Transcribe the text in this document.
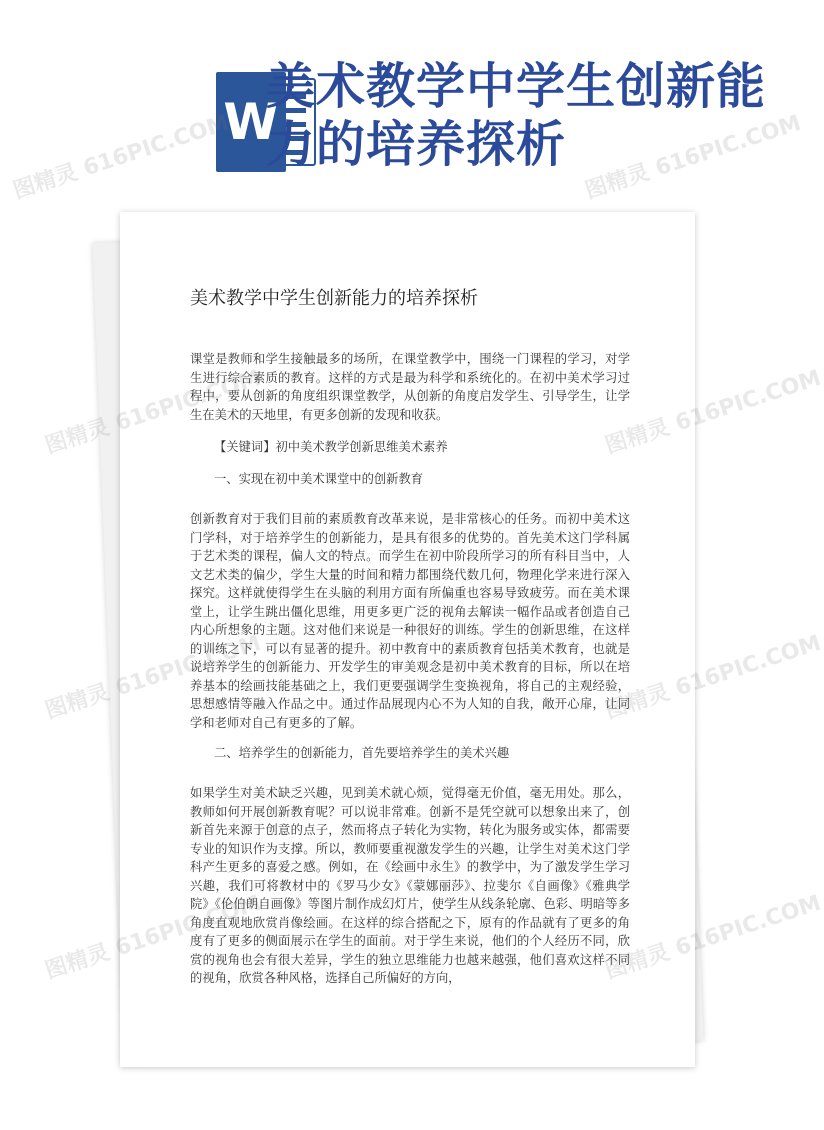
W
美术教学中学生创新能力的培养探析
美术教学中学生创新能力的培养探析

课堂是教师和学生接触最多的场所，在课堂教学中，围绕一门课程的学习，对学生进行综合素质的教育。这样的方式是最为科学和系统化的。在初中美术学习过程中，要从创新的角度组织课堂教学，从创新的角度启发学生、引导学生，让学生在美术的天地里，有更多创新的发现和收获。

【关键词】初中美术教学创新思维美术素养

一、实现在初中美术课堂中的创新教育

创新教育对于我们目前的素质教育改革来说，是非常核心的任务。而初中美术这门学科，对于培养学生的创新能力，是具有很多的优势的。首先美术这门学科属于艺术类的课程，偏人文的特点。而学生在初中阶段所学习的所有科目当中，人文艺术类的偏少，学生大量的时间和精力都围绕代数几何，物理化学来进行深入探究。这样就使得学生在头脑的利用方面有所偏重也容易导致疲劳。而在美术课堂上，让学生跳出僵化思维，用更多更广泛的视角去解读一幅作品或者创造自己内心所想象的主题。这对他们来说是一种很好的训练。学生的创新思维，在这样的训练之下，可以有显著的提升。初中教育中的素质教育包括美术教育，也就是说培养学生的创新能力、开发学生的审美观念是初中美术教育的目标，所以在培养基本的绘画技能基础之上，我们更要强调学生变换视角，将自己的主观经验，思想感情等融入作品之中。通过作品展现内心不为人知的自我，敞开心扉，让同学和老师对自己有更多的了解。

二、培养学生的创新能力，首先要培养学生的美术兴趣

如果学生对美术缺乏兴趣，见到美术就心烦，觉得毫无价值，毫无用处。那么，教师如何开展创新教育呢？可以说非常难。创新不是凭空就可以想象出来了，创新首先来源于创意的点子，然而将点子转化为实物，转化为服务或实体，都需要专业的知识作为支撑。所以，教师要重视激发学生的兴趣，让学生对美术这门学科产生更多的喜爱之感。例如，在《绘画中永生》的教学中，为了激发学生学习兴趣，我们可将教材中的《罗马少女》《蒙娜丽莎》、拉斐尔《自画像》《雅典学院》《伦伯朗自画像》等图片制作成幻灯片，使学生从线条轮廓、色彩、明暗等多角度直观地欣赏肖像绘画。在这样的综合搭配之下，原有的作品就有了更多的角度有了更多的侧面展示在学生的面前。对于学生来说，他们的个人经历不同，欣赏的视角也会有很大差异，学生的独立思维能力也越来越强，他们喜欢这样不同的视角，欣赏各种风格，选择自己所偏好的方向，

图精灵 616PIC.COM	图精灵 616PIC.COM
图精灵	图精灵 616PIC.COM
图精灵	图精灵 616PIC.COM
图精灵	图精灵 616PIC.COM
